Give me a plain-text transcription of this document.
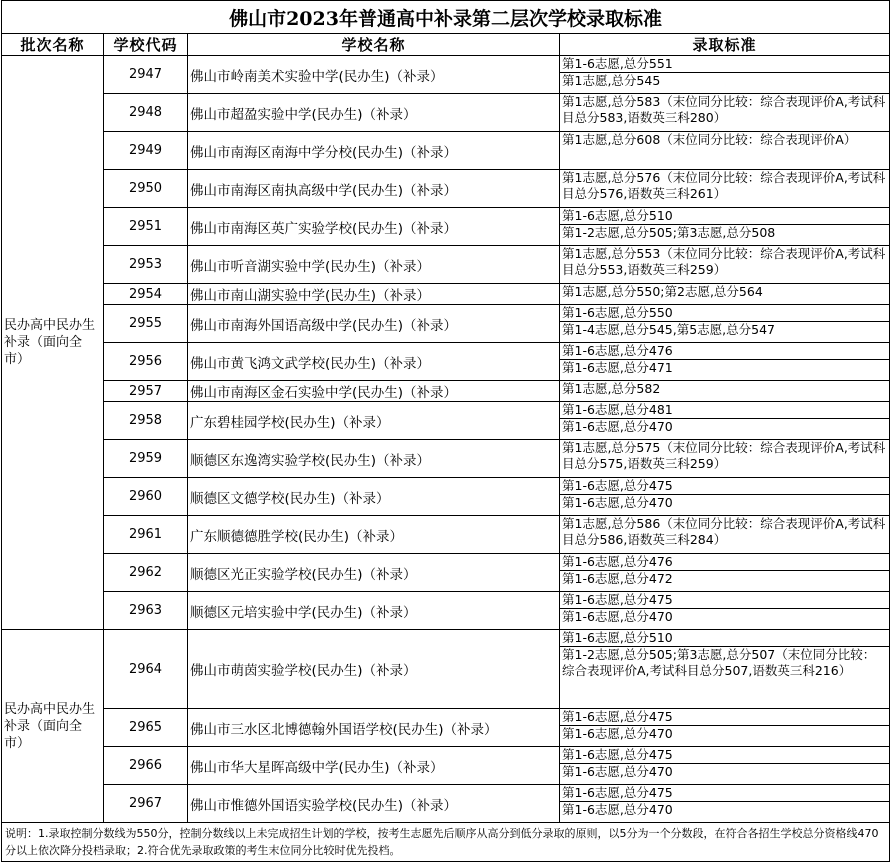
佛山市2023年普通高中补录第二层次学校录取标准			
批次名称	学校代码	学校名称	录取标准
民办高中民办生补录（面向全市）	2947	佛山市岭南美术实验中学(民办生)（补录）	第1-6志愿,总分551
第1志愿,总分545

	2948	佛山市超盈实验中学(民办生)（补录）	第1志愿,总分583（末位同分比较：综合表现评价A,考试科目总分583,语数英三科280）

	2949	佛山市南海区南海中学分校(民办生)（补录）	第1志愿,总分608（末位同分比较：综合表现评价A）

	2950	佛山市南海区南执高级中学(民办生)（补录）	第1志愿,总分576（末位同分比较：综合表现评价A,考试科目总分576,语数英三科261）

	2951	佛山市南海区英广实验学校(民办生)（补录）	第1-6志愿,总分510
第1-2志愿,总分505;第3志愿,总分508

	2953	佛山市听音湖实验中学(民办生)（补录）	第1志愿,总分553（末位同分比较：综合表现评价A,考试科目总分553,语数英三科259）

	2954	佛山市南山湖实验中学(民办生)（补录）	第1志愿,总分550;第2志愿,总分564

	2955	佛山市南海外国语高级中学(民办生)（补录）	第1-6志愿,总分550
第1-4志愿,总分545,第5志愿,总分547

	2956	佛山市黄飞鸿文武学校(民办生)（补录）	第1-6志愿,总分476
第1-6志愿,总分471

	2957	佛山市南海区金石实验中学(民办生)（补录）	第1志愿,总分582

	2958	广东碧桂园学校(民办生)（补录）	第1-6志愿,总分481
第1-6志愿,总分470

	2959	顺德区东逸湾实验学校(民办生)（补录）	第1志愿,总分575（末位同分比较：综合表现评价A,考试科目总分575,语数英三科259）

	2960	顺德区文德学校(民办生)（补录）	第1-6志愿,总分475
第1-6志愿,总分470

	2961	广东顺德德胜学校(民办生)（补录）	第1志愿,总分586（末位同分比较：综合表现评价A,考试科目总分586,语数英三科284）

	2962	顺德区光正实验学校(民办生)（补录）	第1-6志愿,总分476
第1-6志愿,总分472

	2963	顺德区元培实验中学(民办生)（补录）	第1-6志愿,总分475
第1-6志愿,总分470

民办高中民办生补录（面向全市）	2964	佛山市萌茵实验学校(民办生)（补录）	第1-6志愿,总分510
第1-2志愿,总分505;第3志愿,总分507（末位同分比较：综合表现评价A,考试科目总分507,语数英三科216）

	2965	佛山市三水区北博德翰外国语学校(民办生)（补录）	第1-6志愿,总分475
第1-6志愿,总分470

	2966	佛山市华大星晖高级中学(民办生)（补录）	第1-6志愿,总分475
第1-6志愿,总分470

	2967	佛山市惟德外国语实验学校(民办生)（补录）	第1-6志愿,总分475
第1-6志愿,总分470

说明：1.录取控制分数线为550分，控制分数线以上未完成招生计划的学校，按考生志愿先后顺序从高分到低分录取的原则，以5分为一个分数段，在符合各招生学校总分资格线470分以上依次降分投档录取；2.符合优先录取政策的考生末位同分比较时优先投档。			
